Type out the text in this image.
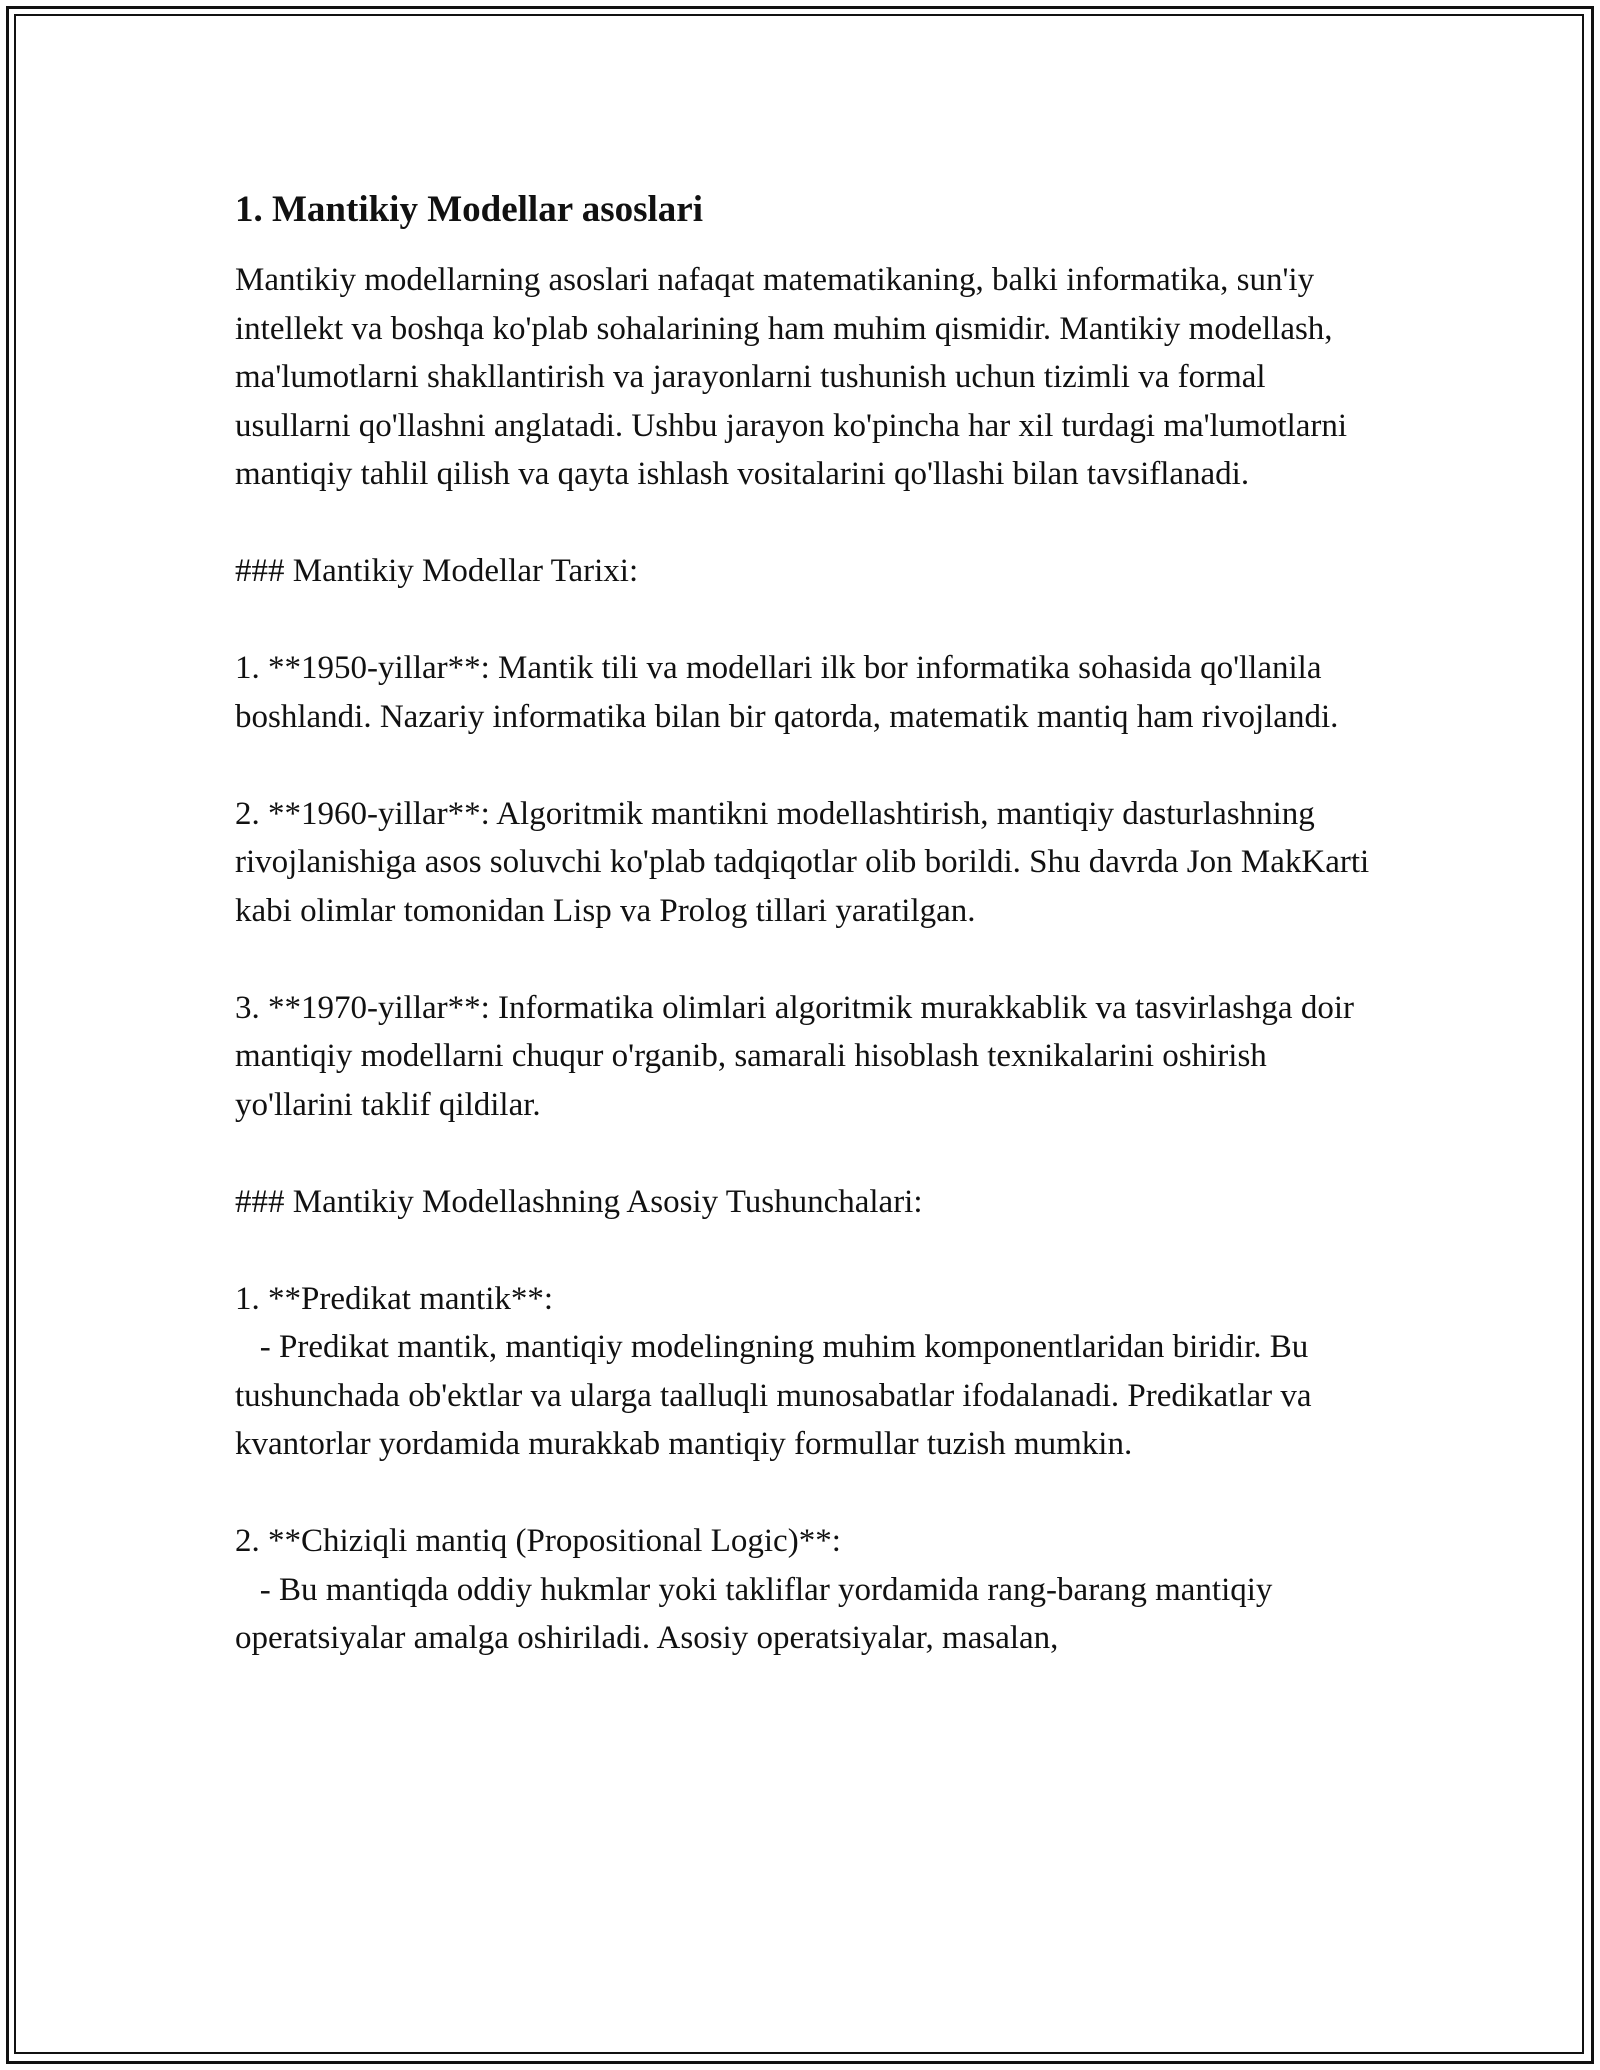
1. Mantikiy Modellar asoslari

Mantikiy modellarning asoslari nafaqat matematikaning, balki informatika, sun'iy intellekt va boshqa ko'plab sohalarining ham muhim qismidir. Mantikiy modellash, ma'lumotlarni shakllantirish va jarayonlarni tushunish uchun tizimli va formal usullarni qo'llashni anglatadi. Ushbu jarayon ko'pincha har xil turdagi ma'lumotlarni mantiqiy tahlil qilish va qayta ishlash vositalarini qo'llashi bilan tavsiflanadi.

### Mantikiy Modellar Tarixi:

1. **1950-yillar**: Mantik tili va modellari ilk bor informatika sohasida qo'llanila boshlandi. Nazariy informatika bilan bir qatorda, matematik mantiq ham rivojlandi.

2. **1960-yillar**: Algoritmik mantikni modellashtirish, mantiqiy dasturlashning rivojlanishiga asos soluvchi ko'plab tadqiqotlar olib borildi. Shu davrda Jon MakKarti kabi olimlar tomonidan Lisp va Prolog tillari yaratilgan.

3. **1970-yillar**: Informatika olimlari algoritmik murakkablik va tasvirlashga doir mantiqiy modellarni chuqur o'rganib, samarali hisoblash texnikalarini oshirish yo'llarini taklif qildilar.

### Mantikiy Modellashning Asosiy Tushunchalari:

1. **Predikat mantik**:

- Predikat mantik, mantiqiy modelingning muhim komponentlaridan biridir. Bu tushunchada ob'ektlar va ularga taalluqli munosabatlar ifodalanadi. Predikatlar va kvantorlar yordamida murakkab mantiqiy formullar tuzish mumkin.

2. **Chiziqli mantiq (Propositional Logic)**:

- Bu mantiqda oddiy hukmlar yoki takliflar yordamida rang-barang mantiqiy operatsiyalar amalga oshiriladi. Asosiy operatsiyalar, masalan,
